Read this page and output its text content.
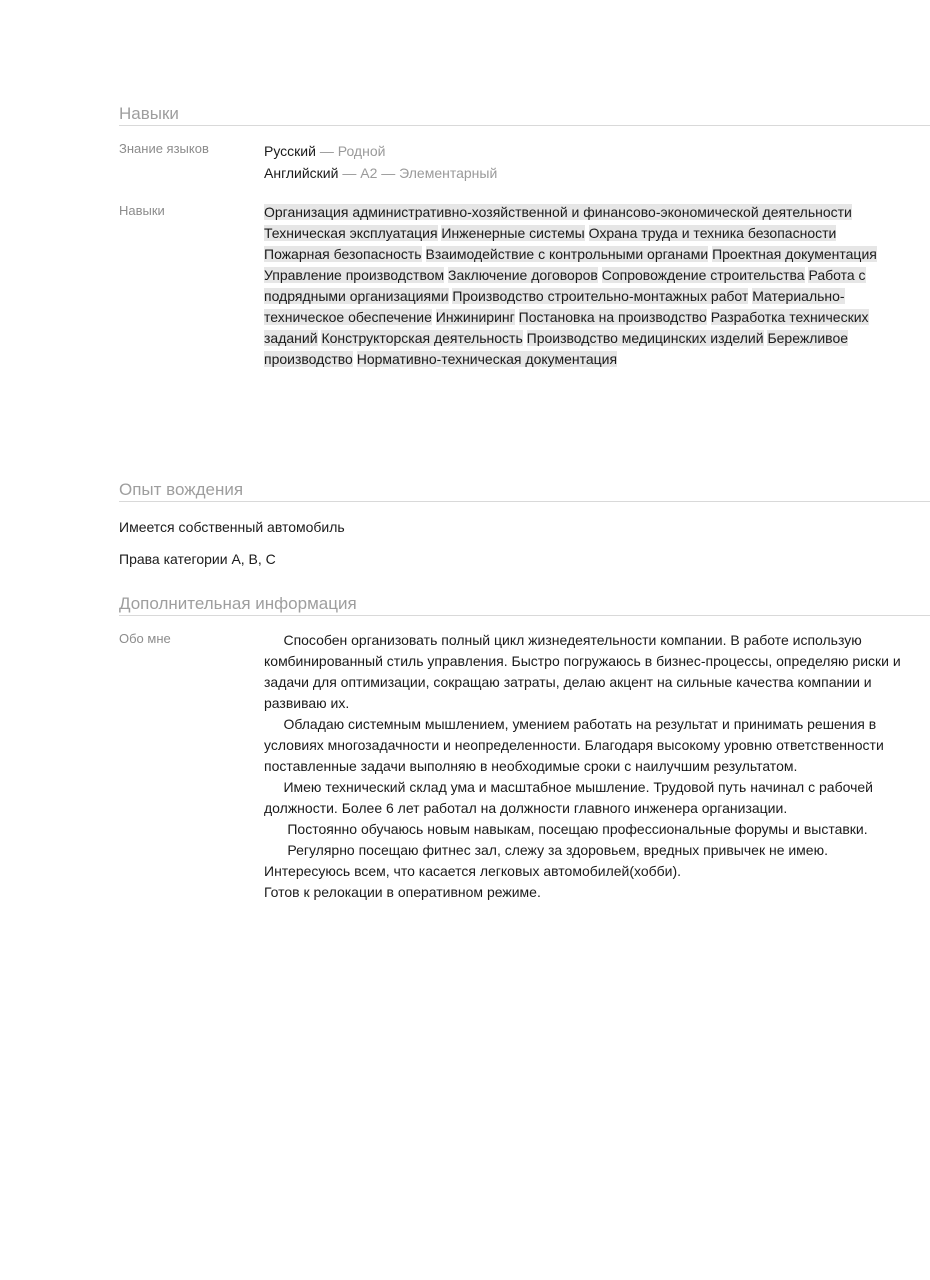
Навыки
Знание языков	Русский — Родной
Английский — A2 — Элементарный
Навыки	Организация административно-хозяйственной и финансово-экономической деятельности Техническая эксплуатация Инженерные системы Охрана труда и техника безопасности Пожарная безопасность Взаимодействие с контрольными органами Проектная документация Управление производством Заключение договоров Сопровождение строительства Работа с подрядными организациями Производство строительно-монтажных работ Материально-техническое обеспечение Инжиниринг Постановка на производство Разработка технических заданий Конструкторская деятельность Производство медицинских изделий Бережливое производство Нормативно-техническая документация
Опыт вождения
Имеется собственный автомобиль
Права категории A, B, C
Дополнительная информация
Обо мне	Способен организовать полный цикл жизнедеятельности компании. В работе использую комбинированный стиль управления. Быстро погружаюсь в бизнес-процессы, определяю риски и задачи для оптимизации, сокращаю затраты, делаю акцент на сильные качества компании и развиваю их.

Обладаю системным мышлением, умением работать на результат и принимать решения в условиях многозадачности и неопределенности. Благодаря высокому уровню ответственности поставленные задачи выполняю в необходимые сроки с наилучшим результатом.

Имею технический склад ума и масштабное мышление. Трудовой путь начинал с рабочей должности. Более 6 лет работал на должности главного инженера организации.

Постоянно обучаюсь новым навыкам, посещаю профессиональные форумы и выставки.

Регулярно посещаю фитнес зал, слежу за здоровьем, вредных привычек не имею. Интересуюсь всем, что касается легковых автомобилей(хобби).

Готов к релокации в оперативном режиме.
